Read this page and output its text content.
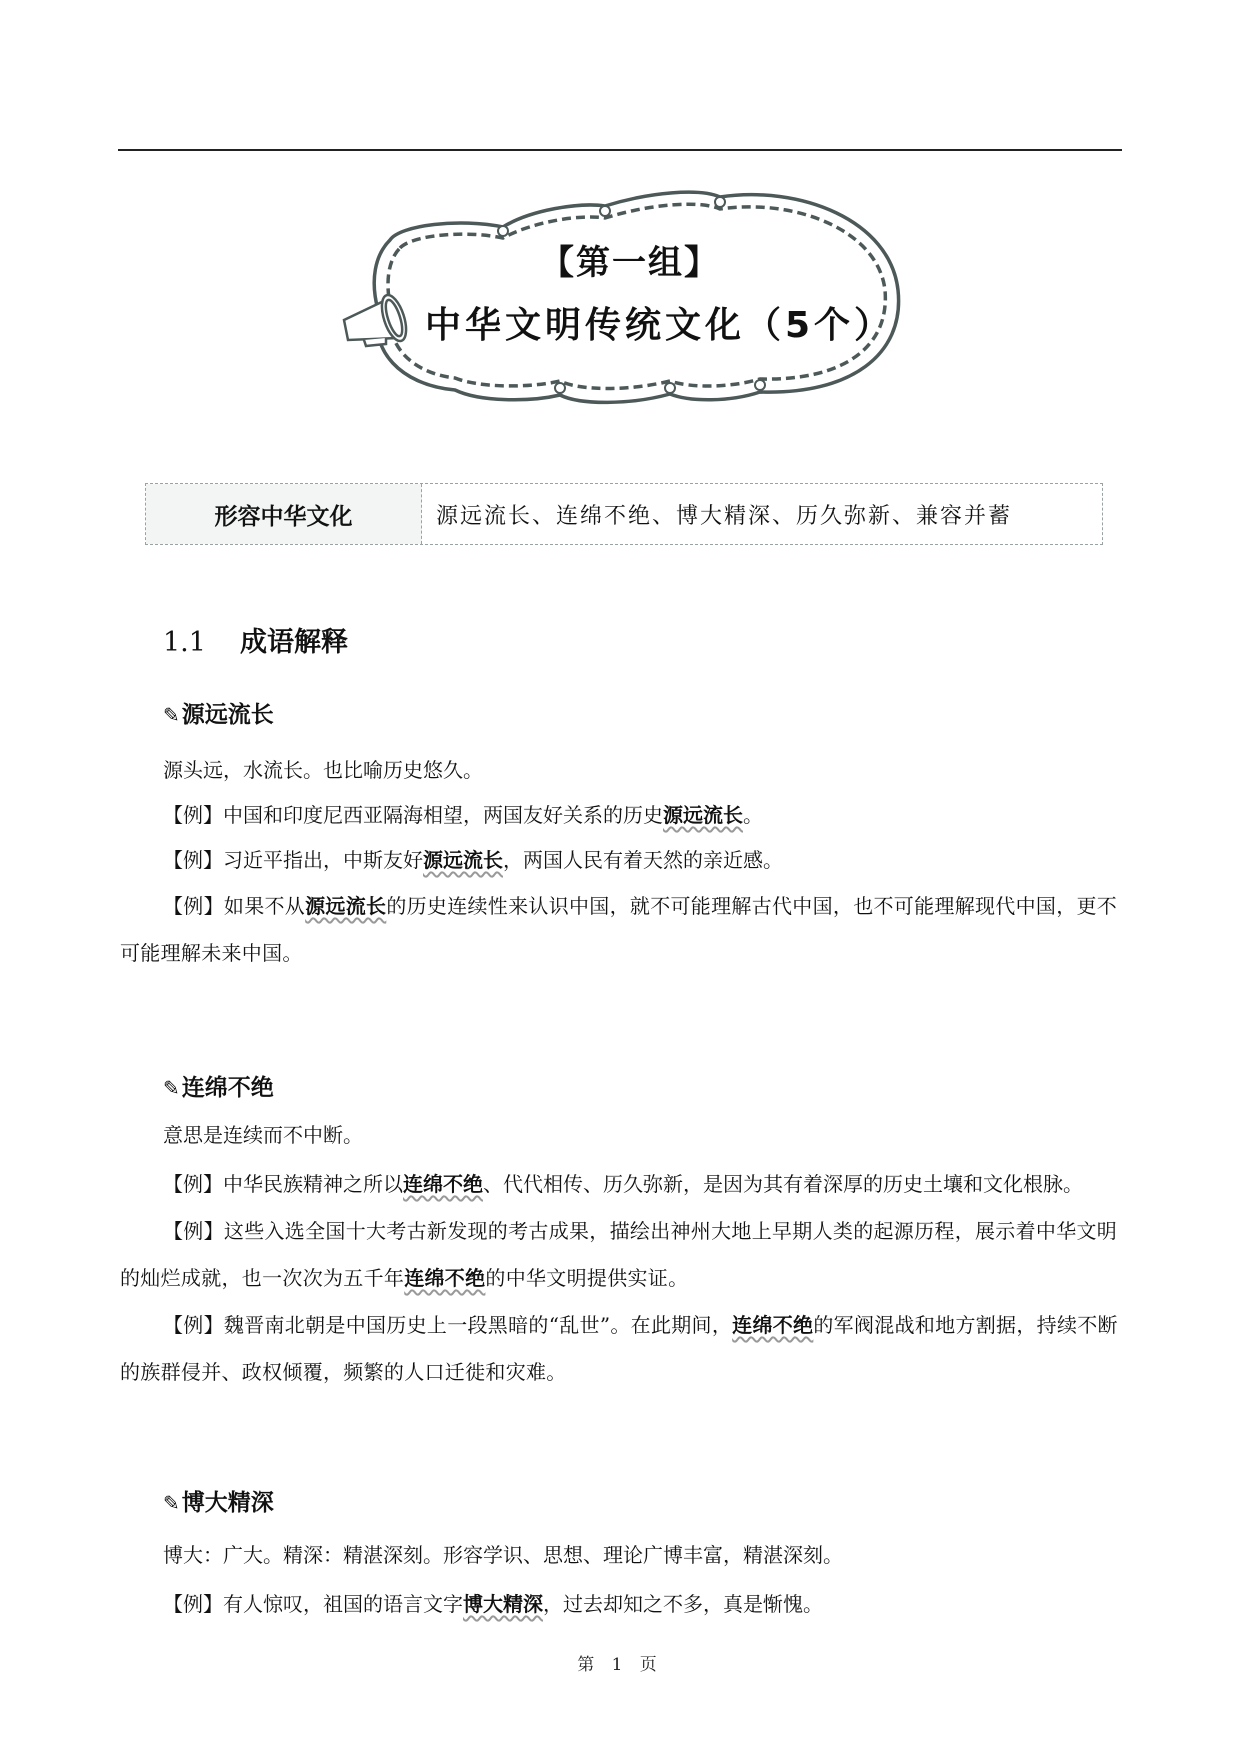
【第一组】
中华文明传统文化（5个）
形容中华文化	源远流长、连绵不绝、博大精深、历久弥新、兼容并蓄
1.1 成语解释
✎源远流长
源头远，水流长。也比喻历史悠久。
【例】中国和印度尼西亚隔海相望，两国友好关系的历史源远流长。
【例】习近平指出，中斯友好源远流长，两国人民有着天然的亲近感。
【例】如果不从源远流长的历史连续性来认识中国，就不可能理解古代中国，也不可能理解现代中国，更不可能理解未来中国。
✎连绵不绝
意思是连续而不中断。
【例】中华民族精神之所以连绵不绝、代代相传、历久弥新，是因为其有着深厚的历史土壤和文化根脉。
【例】这些入选全国十大考古新发现的考古成果，描绘出神州大地上早期人类的起源历程，展示着中华文明的灿烂成就，也一次次为五千年连绵不绝的中华文明提供实证。
【例】魏晋南北朝是中国历史上一段黑暗的“乱世”。在此期间，连绵不绝的军阀混战和地方割据，持续不断的族群侵并、政权倾覆，频繁的人口迁徙和灾难。
✎博大精深
博大：广大。精深：精湛深刻。形容学识、思想、理论广博丰富，精湛深刻。
【例】有人惊叹，祖国的语言文字博大精深，过去却知之不多，真是惭愧。
第 1 页
